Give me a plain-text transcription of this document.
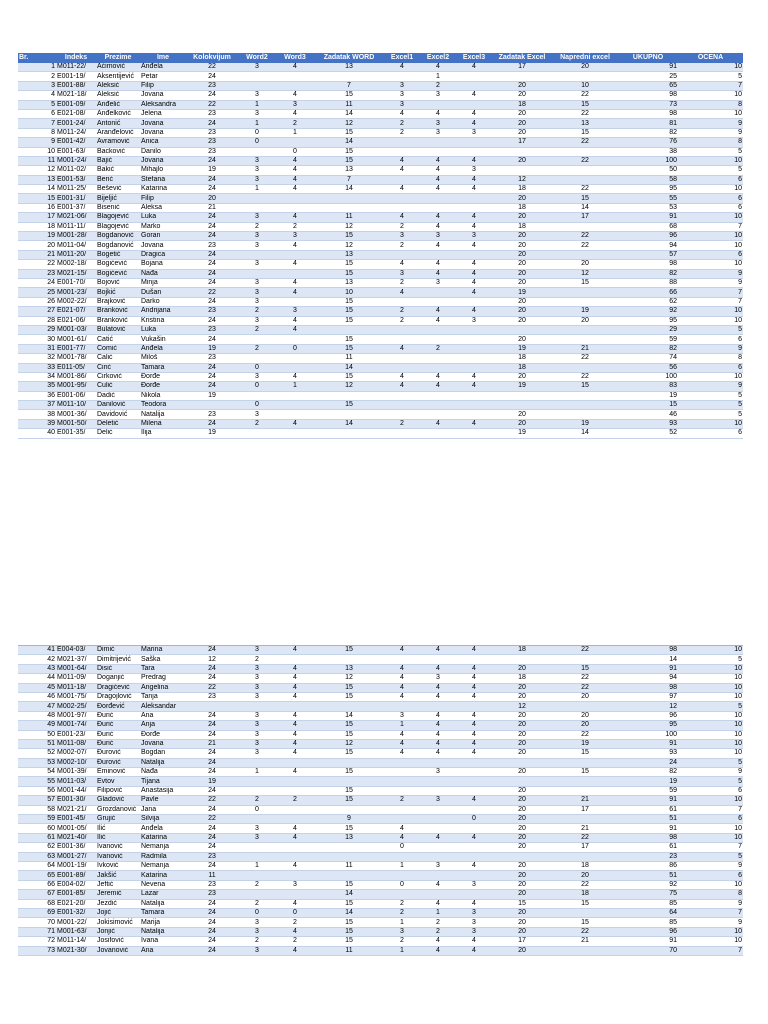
Br.	Indeks	Prezime	Ime	Kolokvijum	Word2	Word3	Zadatak WORD	Excel1	Excel2	Excel3	Zadatak Excel	Napredni excel	UKUPNO	OCENA
1	M011-22/	Aćimović	Anđela	22	3	4	13	4	4	4	17	20	91	10
2	E001-19/	Aksentijević	Petar	24					1				25	5
3	E001-88/	Aleksić	Filip	23			7	3	2		20	10	65	7
4	M021-18/	Aleksić	Jovana	24	3	4	15	3	3	4	20	22	98	10
5	E001-09/	Anđelić	Aleksandra	22	1	3	11	3			18	15	73	8
6	E021-08/	Anđelković	Jelena	23	3	4	14	4	4	4	20	22	98	10
7	E001-24/	Antonić	Jovana	24	1	2	12	2	3	4	20	13	81	9
8	M011-24/	Aranđelović	Jovana	23	0	1	15	2	3	3	20	15	82	9
9	E001-42/	Avramović	Anica	23	0		14				17	22	76	8
10	E001-63/	Backović	Danilo	23		0	15						38	5
11	M001-24/	Bajić	Jovana	24	3	4	15	4	4	4	20	22	100	10
12	M011-02/	Bakić	Mihajlo	19	3	4	13	4	4	3			50	5
13	E001-53/	Berić	Stefana	24	3	4	7		4	4	12		58	6
14	M011-25/	Bešević	Katarina	24	1	4	14	4	4	4	18	22	95	10
15	E001-31/	Bijeljić	Filip	20							20	15	55	6
16	E001-37/	Bisenić	Aleksa	21							18	14	53	6
17	M021-06/	Blagojević	Luka	24	3	4	11	4	4	4	20	17	91	10
18	M011-11/	Blagojević	Marko	24	2	2	12	2	4	4	18		68	7
19	M001-28/	Bogdanović	Goran	24	3	3	15	3	3	3	20	22	96	10
20	M011-04/	Bogdanović	Jovana	23	3	4	12	2	4	4	20	22	94	10
21	M011-20/	Bogetić	Dragica	24			13				20		57	6
22	M002-18/	Bogićević	Bojana	24	3	4	15	4	4	4	20	20	98	10
23	M021-15/	Bogićević	Nađa	24			15	3	4	4	20	12	82	9
24	E001-70/	Bojović	Minja	24	3	4	13	2	3	4	20	15	88	9
25	M001-23/	Bojkić	Dušan	22	3	4	10	4		4	19		66	7
26	M002-22/	Brajković	Darko	24	3		15				20		62	7
27	E021-07/	Branković	Andrijana	23	2	3	15	2	4	4	20	19	92	10
28	E021-06/	Branković	Kristina	24	3	4	15	2	4	3	20	20	95	10
29	M001-03/	Bulatović	Luka	23	2	4							29	5
30	M001-61/	Catić	Vukašin	24			15				20		59	6
31	E001-77/	Čomić	Anđela	19	2	0	15	4	2		19	21	82	9
32	M001-78/	Čalić	Miloš	23			11				18	22	74	8
33	E011-05/	Ćirić	Tamara	24	0		14				18		56	6
34	M001-86/	Ćirković	Đorđe	24	3	4	15	4	4	4	20	22	100	10
35	M001-95/	Ćulić	Đorđe	24	0	1	12	4	4	4	19	15	83	9
36	E001-06/	Dadić	Nikola	19									19	5
37	M011-10/	Danilović	Teodora		0		15						15	5
38	M001-36/	Davidović	Natalija	23	3						20		46	5
39	M001-50/	Deletić	Milena	24	2	4	14	2	4	4	20	19	93	10
40	E001-35/	Delić	Ilija	19							19	14	52	6
41	E004-03/	Dimić	Marina	24	3	4	15	4	4	4	18	22	98	10
42	M021-37/	Dimitrijević	Saška	12	2								14	5
43	M001-64/	Disić	Tara	24	3	4	13	4	4	4	20	15	91	10
44	M011-09/	Doganjić	Predrag	24	3	4	12	4	3	4	18	22	94	10
45	M011-18/	Dragićević	Angelina	22	3	4	15	4	4	4	20	22	98	10
46	M001-75/	Dragojlović	Tanja	23	3	4	15	4	4	4	20	20	97	10
47	M002-25/	Đorđević	Aleksandar								12		12	5
48	M001-97/	Đurić	Ana	24	3	4	14	3	4	4	20	20	96	10
49	M001-74/	Đurić	Anja	24	3	4	15	1	4	4	20	20	95	10
50	E001-23/	Đurić	Đorđe	24	3	4	15	4	4	4	20	22	100	10
51	M011-08/	Đurić	Jovana	21	3	4	12	4	4	4	20	19	91	10
52	M002-07/	Đurović	Bogdan	24	3	4	15	4	4	4	20	15	93	10
53	M002-10/	Đurović	Natalija	24									24	5
54	M001-39/	Eminović	Nađa	24	1	4	15		3		20	15	82	9
55	M011-03/	Evtov	Tijana	19									19	5
56	M001-44/	Filipović	Anastasija	24			15				20		59	6
57	E001-30/	Gladović	Pavle	22	2	2	15	2	3	4	20	21	91	10
58	M021-21/	Grozdanović	Jana	24	0						20	17	61	7
59	E001-45/	Grujić	Silvija	22			9			0	20		51	6
60	M001-05/	Ilić	Anđela	24	3	4	15	4			20	21	91	10
61	M021-40/	Ilić	Katarina	24	3	4	13	4	4	4	20	22	98	10
62	E001-36/	Ivanović	Nemanja	24				0			20	17	61	7
63	M001-27/	Ivanović	Radmila	23									23	5
64	M001-19/	Ivković	Nemanja	24	1	4	11	1	3	4	20	18	86	9
65	E001-89/	Jakšić	Katarina	11							20	20	51	6
66	E004-02/	Jeftić	Nevena	23	2	3	15	0	4	3	20	22	92	10
67	E001-85/	Jeremić	Lazar	23			14				20	18	75	8
68	E021-20/	Jezdić	Natalija	24	2	4	15	2	4	4	15	15	85	9
69	E001-32/	Jojić	Tamara	24	0	0	14	2	1	3	20		64	7
70	M001-22/	Jokisimović	Marija	24	3	2	15	1	2	3	20	15	85	9
71	M001-63/	Jonjić	Natalija	24	3	4	15	3	2	3	20	22	96	10
72	M011-14/	Josifović	Ivana	24	2	2	15	2	4	4	17	21	91	10
73	M021-30/	Jovanović	Ana	24	3	4	11	1	4	4	20		70	7
